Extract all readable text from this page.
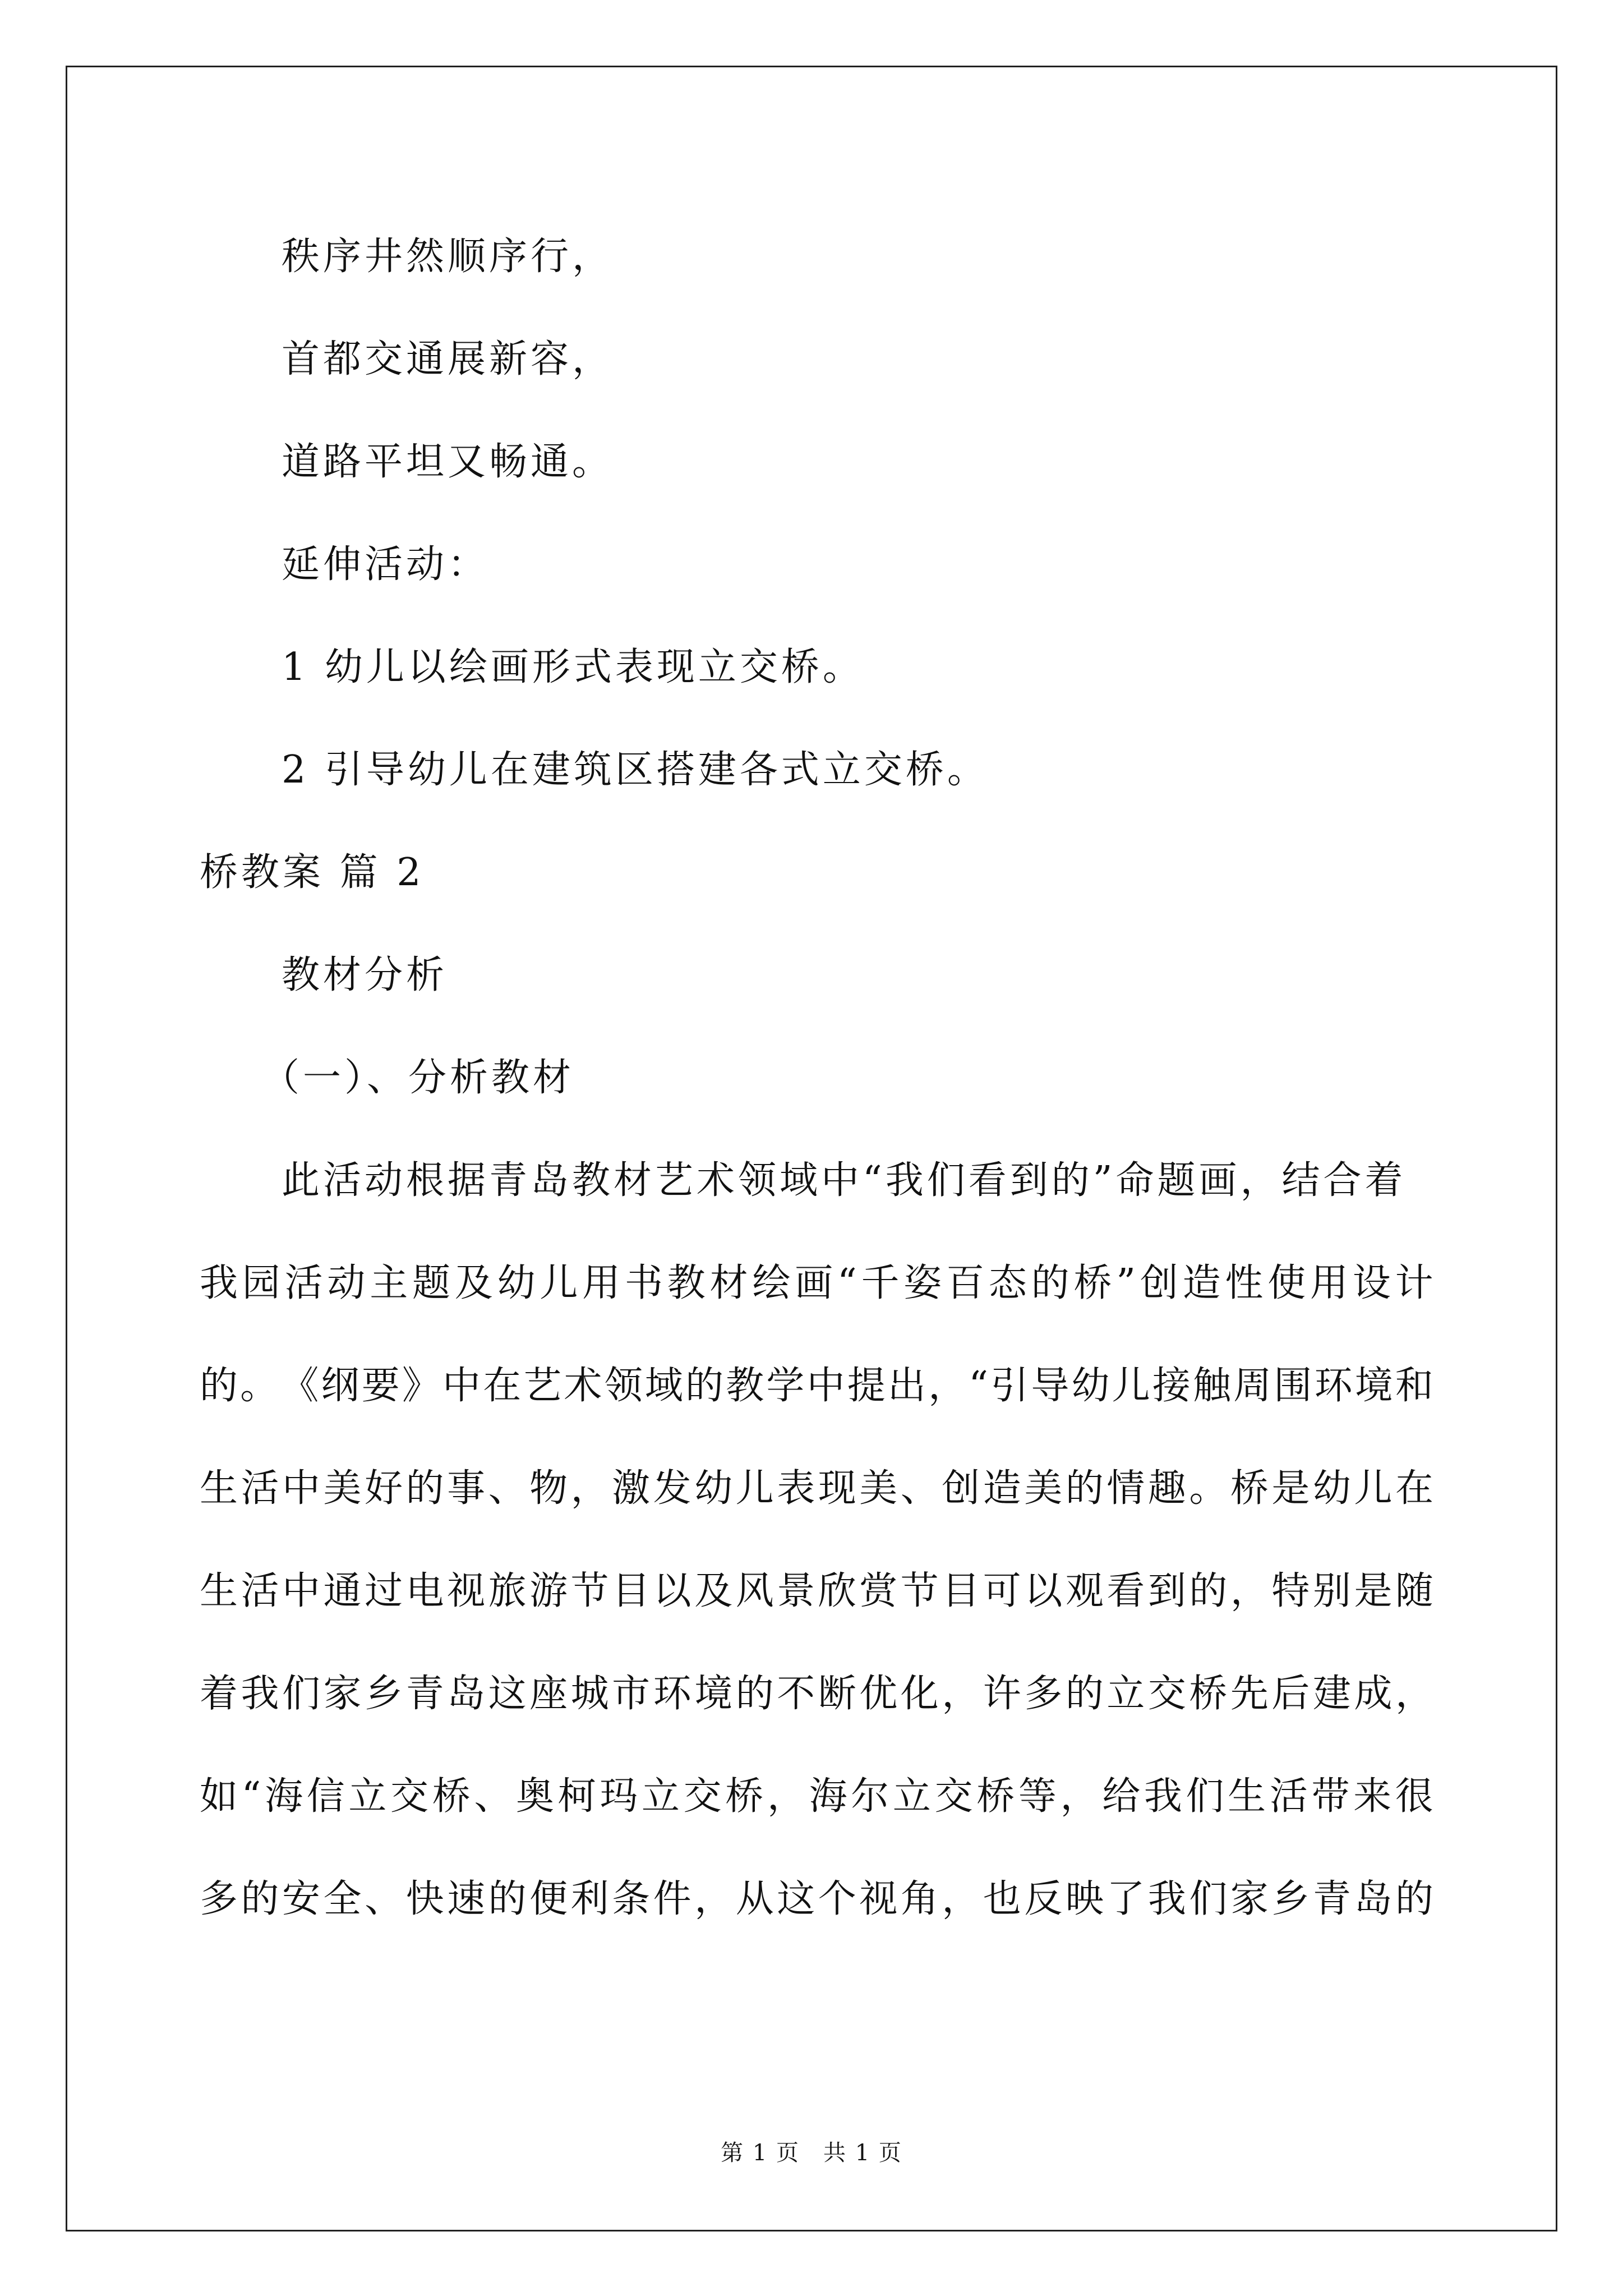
秩序井然顺序行，
首都交通展新容，
道路平坦又畅通。
延伸活动：
1 幼儿以绘画形式表现立交桥。
2 引导幼儿在建筑区搭建各式立交桥。
桥教案 篇 2
教材分析
（一）、分析教材
此活动根据青岛教材艺术领域中“我们看到的”命题画，结合着
我 园 活 动 主 题 及 幼 儿 用 书 教 材 绘 画 “ 千 姿 百 态 的 桥 ” 创 造 性 使 用 设 计
的 。 《 纲 要 》 中 在 艺 术 领 域 的 教 学 中 提 出 ， “ 引 导 幼 儿 接 触 周 围 环 境 和
生 活 中 美 好 的 事 、 物 ， 激 发 幼 儿 表 现 美 、 创 造 美 的 情 趣 。 桥 是 幼 儿 在
生 活 中 通 过 电 视 旅 游 节 目 以 及 风 景 欣 赏 节 目 可 以 观 看 到 的 ， 特 别 是 随
着 我 们 家 乡 青 岛 这 座 城 市 环 境 的 不 断 优 化 ， 许 多 的 立 交 桥 先 后 建 成 ，
如 “ 海 信 立 交 桥 、 奥 柯 玛 立 交 桥 ， 海 尔 立 交 桥 等 ， 给 我 们 生 活 带 来 很
多 的 安 全 、 快 速 的 便 利 条 件 ， 从 这 个 视 角 ， 也 反 映 了 我 们 家 乡 青 岛 的
第 1 页　共 1 页
